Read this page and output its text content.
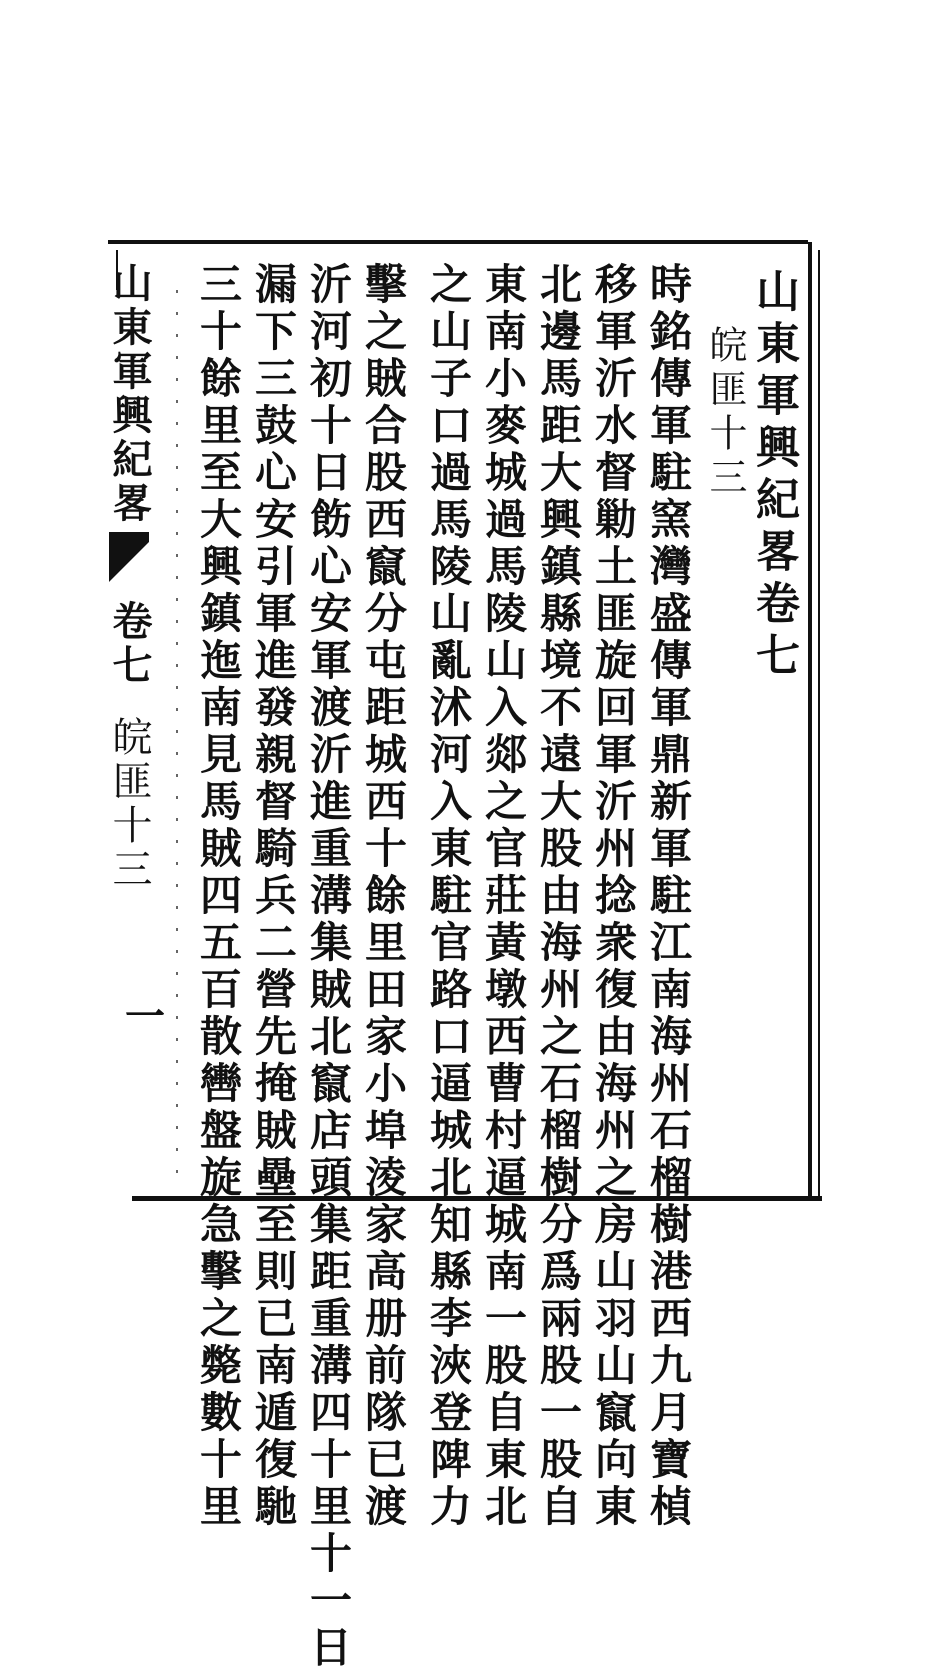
山東軍興紀畧卷七
皖匪十三
時銘傳軍駐窯灣盛傳軍鼎新軍駐江南海州石榴樹港西九月寶楨
移軍沂水督勦土匪旋回軍沂州捻衆復由海州之房山羽山竄向東
北邊馬距大興鎮縣境不遠大股由海州之石榴樹分爲兩股一股自
東南小麥城過馬陵山入郯之官莊黃墩西曹村逼城南一股自東北
之山子口過馬陵山亂沭河入東駐官路口逼城北知縣李浹登陴力
擊之賊合股西竄分屯距城西十餘里田家小埠淩家高册前隊已渡
沂河初十日飭心安軍渡沂進重溝集賊北竄店頭集距重溝四十里十一日
漏下三鼓心安引軍進發親督騎兵二營先掩賊壘至則已南遁復馳
三十餘里至大興鎮迤南見馬賊四五百散轡盤旋急擊之斃數十里
山東軍興紀畧卷七皖匪十三
一
